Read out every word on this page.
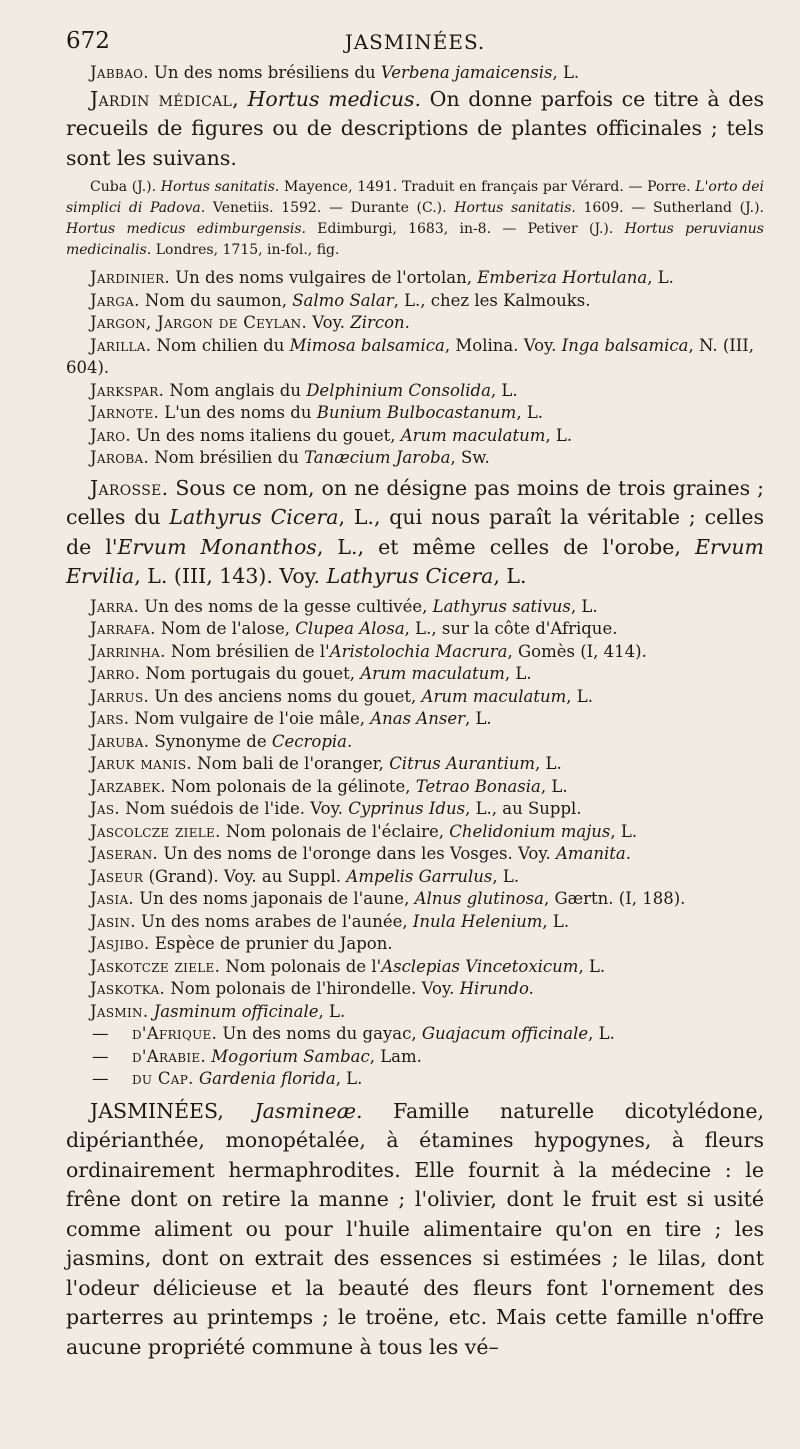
672	JASMINÉES.

Jabbao. Un des noms brésiliens du Verbena jamaicensis, L.

Jardin médical, Hortus medicus. On donne parfois ce titre à des recueils de figures ou de descriptions de plantes officinales ; tels sont les suivans.

Cuba (J.). Hortus sanitatis. Mayence, 1491. Traduit en français par Vérard. — Porre. L'orto dei simplici di Padova. Venetiis. 1592. — Durante (C.). Hortus sanitatis. 1609. — Sutherland (J.). Hortus medicus edimburgensis. Edimburgi, 1683, in-8. — Petiver (J.). Hortus peruvianus medicinalis. Londres, 1715, in-fol., fig.

Jardinier. Un des noms vulgaires de l'ortolan, Emberiza Hortulana, L.

Jarga. Nom du saumon, Salmo Salar, L., chez les Kalmouks.

Jargon, Jargon de Ceylan. Voy. Zircon.

Jarilla. Nom chilien du Mimosa balsamica, Molina. Voy. Inga balsamica, N. (III, 604).

Jarkspar. Nom anglais du Delphinium Consolida, L.

Jarnote. L'un des noms du Bunium Bulbocastanum, L.

Jaro. Un des noms italiens du gouet, Arum maculatum, L.

Jaroba. Nom brésilien du Tanæcium Jaroba, Sw.

Jarosse. Sous ce nom, on ne désigne pas moins de trois graines ; celles du Lathyrus Cicera, L., qui nous paraît la véritable ; celles de l'Ervum Monanthos, L., et même celles de l'orobe, Ervum Ervilia, L. (III, 143). Voy. Lathyrus Cicera, L.

Jarra. Un des noms de la gesse cultivée, Lathyrus sativus, L.

Jarrafa. Nom de l'alose, Clupea Alosa, L., sur la côte d'Afrique.

Jarrinha. Nom brésilien de l'Aristolochia Macrura, Gomès (I, 414).

Jarro. Nom portugais du gouet, Arum maculatum, L.

Jarrus. Un des anciens noms du gouet, Arum maculatum, L.

Jars. Nom vulgaire de l'oie mâle, Anas Anser, L.

Jaruba. Synonyme de Cecropia.

Jaruk manis. Nom bali de l'oranger, Citrus Aurantium, L.

Jarzabek. Nom polonais de la gélinote, Tetrao Bonasia, L.

Jas. Nom suédois de l'ide. Voy. Cyprinus Idus, L., au Suppl.

Jascolcze ziele. Nom polonais de l'éclaire, Chelidonium majus, L.

Jaseran. Un des noms de l'oronge dans les Vosges. Voy. Amanita.

Jaseur (Grand). Voy. au Suppl. Ampelis Garrulus, L.

Jasia. Un des noms japonais de l'aune, Alnus glutinosa, Gærtn. (I, 188).

Jasin. Un des noms arabes de l'aunée, Inula Helenium, L.

Jasjibo. Espèce de prunier du Japon.

Jaskotcze ziele. Nom polonais de l'Asclepias Vincetoxicum, L.

Jaskotka. Nom polonais de l'hirondelle. Voy. Hirundo.

Jasmin. Jasminum officinale, L.

— d'Afrique. Un des noms du gayac, Guajacum officinale, L.

— d'Arabie. Mogorium Sambac, Lam.

— du Cap. Gardenia florida, L.

JASMINÉES, Jasmineæ. Famille naturelle dicotylédone, dipérianthée, monopétalée, à étamines hypogynes, à fleurs ordinairement hermaphrodites. Elle fournit à la médecine : le frêne dont on retire la manne ; l'olivier, dont le fruit est si usité comme aliment ou pour l'huile alimentaire qu'on en tire ; les jasmins, dont on extrait des essences si estimées ; le lilas, dont l'odeur délicieuse et la beauté des fleurs font l'ornement des parterres au printemps ; le troëne, etc. Mais cette famille n'offre aucune propriété commune à tous les vé–
